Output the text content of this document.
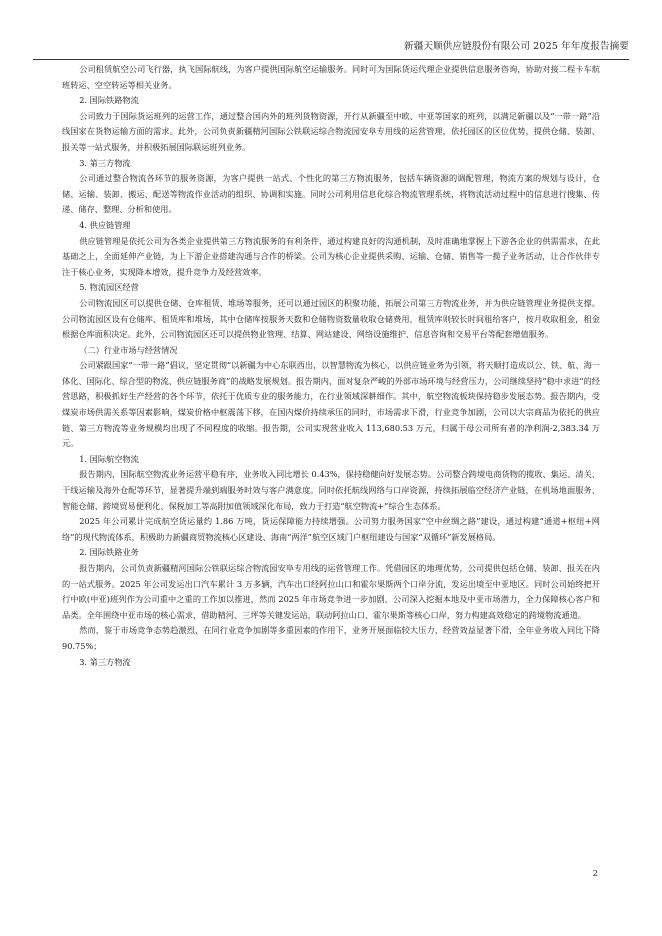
新疆天顺供应链股份有限公司 2025 年年度报告摘要

公司租赁航空公司飞行器，执飞国际航线，为客户提供国际航空运输服务。同时可为国际货运代理企业提供信息服务咨询，协助对接二程卡车航班转运、空空转运等相关业务。

2. 国际铁路物流

公司致力于国际货运班列的运营工作，通过整合国内外的班列货物资源，开行从新疆至中欧、中亚等国家的班列，以满足新疆以及“一带一路”沿线国家在货物运输方面的需求。此外，公司负责新疆精河国际公铁联运综合物流园安阜专用线的运营管理，依托园区的区位优势，提供仓储、装卸、报关等一站式服务，并积极拓展国际联运班列业务。

3. 第三方物流

公司通过整合物流各环节的服务资源，为客户提供一站式、个性化的第三方物流服务，包括车辆资源的调配管理，物流方案的规划与设计，仓储、运输、装卸、搬运、配送等物流作业活动的组织、协调和实施。同时公司利用信息化综合物流管理系统，将物流活动过程中的信息进行搜集、传递、储存、整理、分析和使用。

4. 供应链管理

供应链管理是依托公司为各类企业提供第三方物流服务的有利条件，通过构建良好的沟通机制，及时准确地掌握上下游各企业的供需需求，在此基础之上，全面延伸产业链，为上下游企业搭建沟通与合作的桥梁。公司为核心企业提供采购、运输、仓储、销售等一揽子业务活动，让合作伙伴专注于核心业务，实现降本增效，提升竞争力及经营效率。

5. 物流园区经营

公司物流园区可以提供仓储、仓库租赁、堆场等服务，还可以通过园区的积聚功能，拓展公司第三方物流业务，并为供应链管理业务提供支撑。公司物流园区设有仓储库、租赁库和堆场，其中仓储库按服务天数和仓储物资数量收取仓储费用，租赁库则较长时间租给客户，按月收取租金，租金根据仓库面积决定。此外，公司物流园区还可以提供物业管理、结算、网站建设、网络设施维护、信息咨询和交易平台等配套增值服务。

（二）行业市场与经营情况

公司紧跟国家“一带一路”倡议，坚定贯彻“以新疆为中心东联西出，以智慧物流为核心，以供应链业务为引领，将天顺打造成以公、铁、航、海一体化、国际化、综合型的物流、供应链服务商”的战略发展规划。报告期内，面对复杂严峻的外部市场环境与经营压力，公司继续坚持“稳中求进”的经营思路，积极抓好生产经营的各个环节，依托于优质专业的服务能力，在行业领域深耕细作。其中，航空物流板块保持稳步发展态势。报告期内，受煤炭市场供需关系等因素影响，煤炭价格中枢震荡下移，在国内煤价持续承压的同时，市场需求下滑，行业竞争加剧，公司以大宗商品为依托的供应链、第三方物流等业务规模均出现了不同程度的收缩。报告期，公司实现营业收入 113,680.53 万元，归属于母公司所有者的净利润-2,383.34 万元。

1. 国际航空物流

报告期内，国际航空物流业务运营平稳有序，业务收入同比增长 0.43%，保持稳健向好发展态势。公司整合跨境电商货物的揽收、集运、清关、干线运输及海外仓配等环节，显著提升端到端服务时效与客户满意度。同时依托航线网络与口岸资源，持续拓展临空经济产业链，在机场地面服务、智能仓储、跨境贸易便利化、保税加工等高附加值领域深化布局，致力于打造“航空物流+”综合生态体系。

2025 年公司累计完成航空货运量约 1.86 万吨，货运保障能力持续增强。公司努力服务国家“空中丝绸之路”建设，通过构建“通道+枢纽+网络”的现代物流体系，积极助力新疆商贸物流核心区建设、海南“两洋”航空区域门户枢纽建设与国家“双循环”新发展格局。

2. 国际铁路业务

报告期内，公司负责新疆精河国际公铁联运综合物流园安阜专用线的运营管理工作。凭借园区的地理优势，公司提供包括仓储、装卸、报关在内的一站式服务。2025 年公司发运出口汽车累计 3 万多辆，汽车出口经阿拉山口和霍尔果斯两个口岸分流，发运出境至中亚地区。同时公司始终把开行中欧(中亚)班列作为公司重中之重的工作加以推进，然而 2025 年市场竞争进一步加剧，公司深入挖掘本地及中亚市场潜力，全力保障核心客户和品类。全年围绕中亚市场的核心需求，借助精河、三坪等关键发运站，联动阿拉山口、霍尔果斯等核心口岸，努力构建高效稳定的跨境物流通道。

然而，鉴于市场竞争态势趋激烈，在同行业竞争加剧等多重因素的作用下，业务开展面临较大压力，经营效益显著下滑，全年业务收入同比下降 90.75%；

3. 第三方物流

2
